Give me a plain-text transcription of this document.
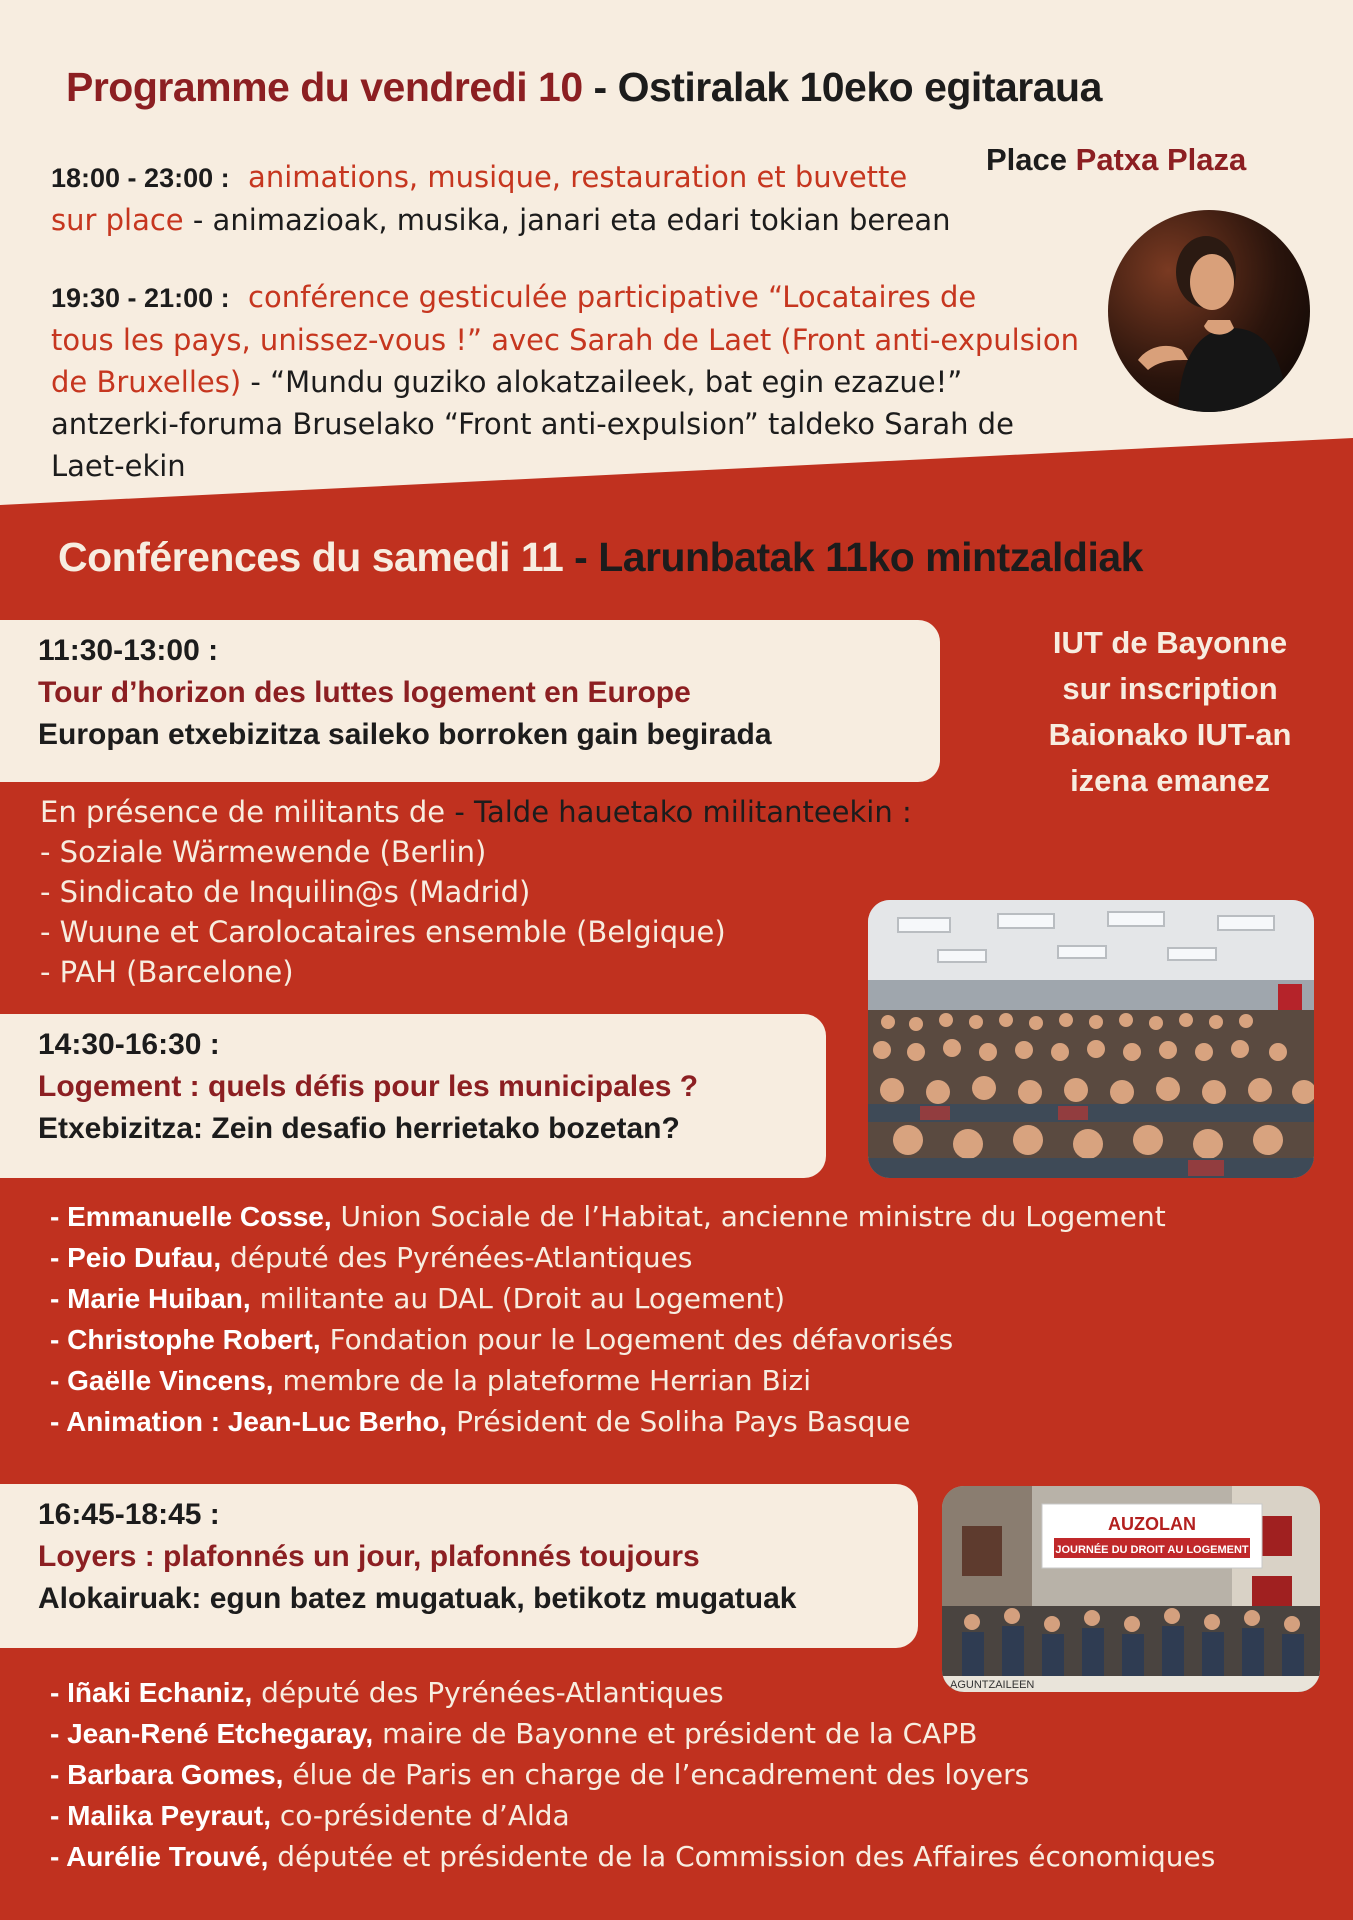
Programme du vendredi 10 - Ostiralak 10eko egitaraua
Place Patxa Plaza
18:00 - 23:00 : animations, musique, restauration et buvette
sur place - animazioak, musika, janari eta edari tokian berean
19:30 - 21:00 : conférence gesticulée participative “Locataires de
tous les pays, unissez-vous !” avec Sarah de Laet (Front anti-expulsion
de Bruxelles) - “Mundu guziko alokatzaileek, bat egin ezazue!”
antzerki-foruma Bruselako “Front anti-expulsion” taldeko Sarah de
Laet-ekin
Conférences du samedi 11 - Larunbatak 11ko mintzaldiak
IUT de Bayonne
sur inscription
Baionako IUT-an
izena emanez
11:30-13:00 :
Tour d’horizon des luttes logement en Europe
Europan etxebizitza saileko borroken gain begirada
En présence de militants de - Talde hauetako militanteekin :
- Soziale Wärmewende (Berlin)
- Sindicato de Inquilin@s (Madrid)
- Wuune et Carolocataires ensemble (Belgique)
- PAH (Barcelone)
14:30-16:30 :
Logement : quels défis pour les municipales ?
Etxebizitza: Zein desafio herrietako bozetan?
- Emmanuelle Cosse, Union Sociale de l’Habitat, ancienne ministre du Logement
- Peio Dufau, député des Pyrénées-Atlantiques
- Marie Huiban, militante au DAL (Droit au Logement)
- Christophe Robert, Fondation pour le Logement des défavorisés
- Gaëlle Vincens, membre de la plateforme Herrian Bizi
- Animation : Jean-Luc Berho, Président de Soliha Pays Basque
16:45-18:45 :
Loyers : plafonnés un jour, plafonnés toujours
Alokairuak: egun batez mugatuak, betikotz mugatuak
AUZOLAN
JOURNÉE DU DROIT AU LOGEMENT
AGUNTZAILEEN
- Iñaki Echaniz, député des Pyrénées-Atlantiques
- Jean-René Etchegaray, maire de Bayonne et président de la CAPB
- Barbara Gomes, élue de Paris en charge de l’encadrement des loyers
- Malika Peyraut, co-présidente d’Alda
- Aurélie Trouvé, députée et présidente de la Commission des Affaires économiques
